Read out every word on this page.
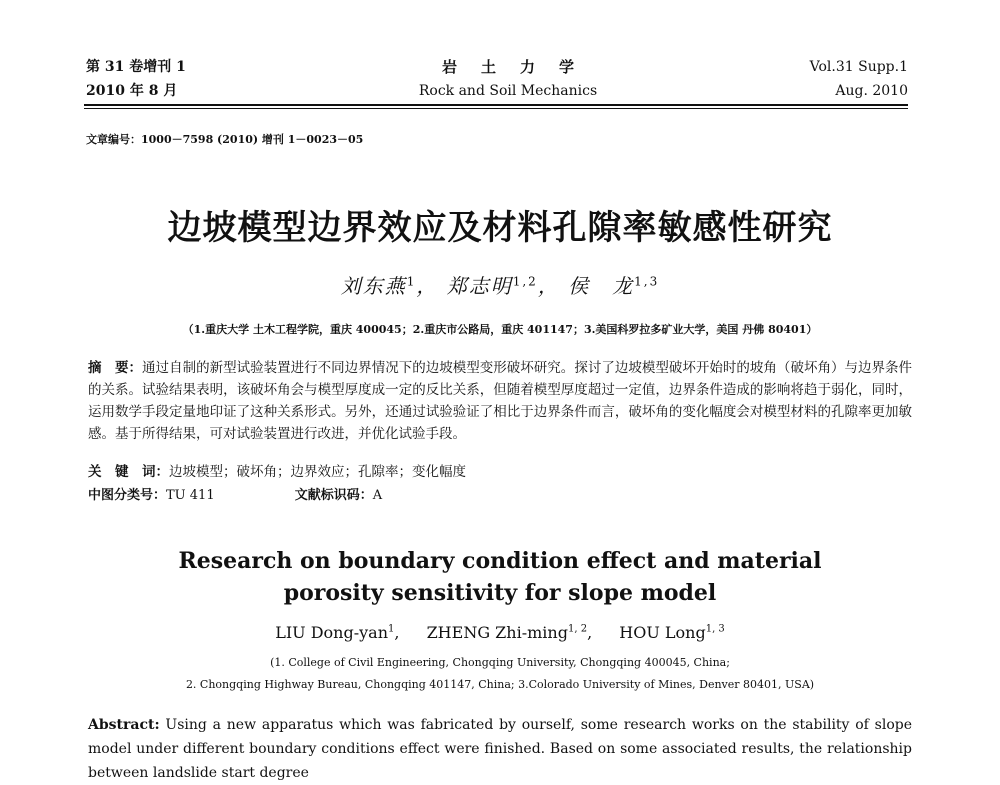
第 31 卷增刊 1
2010 年 8 月
岩土力学
Rock and Soil Mechanics
Vol.31 Supp.1
Aug. 2010
文章编号：1000－7598 (2010) 增刊 1－0023－05
边坡模型边界效应及材料孔隙率敏感性研究
刘东燕$^1$， 郑志明$^{1,2}$， 侯　龙$^{1,3}$
（1.重庆大学 土木工程学院，重庆 400045；2.重庆市公路局，重庆 401147；3.美国科罗拉多矿业大学，美国 丹佛 80401）
摘　要：通过自制的新型试验装置进行不同边界情况下的边坡模型变形破坏研究。探讨了边坡模型破坏开始时的坡角（破坏角）与边界条件的关系。试验结果表明，该破坏角会与模型厚度成一定的反比关系，但随着模型厚度超过一定值，边界条件造成的影响将趋于弱化，同时，运用数学手段定量地印证了这种关系形式。另外，还通过试验验证了相比于边界条件而言，破坏角的变化幅度会对模型材料的孔隙率更加敏感。基于所得结果，可对试验装置进行改进，并优化试验手段。
关　键　词：边坡模型；破坏角；边界效应；孔隙率；变化幅度
中图分类号：TU 411	文献标识码：A
Research on boundary condition effect and material
porosity sensitivity for slope model
LIU Dong-yan$^1$, ZHENG Zhi-ming$^{1, 2}$, HOU Long$^{1, 3}$
(1. College of Civil Engineering, Chongqing University, Chongqing 400045, China;
2. Chongqing Highway Bureau, Chongqing 401147, China; 3.Colorado University of Mines, Denver 80401, USA)
Abstract: Using a new apparatus which was fabricated by ourself, some research works on the stability of slope model under different boundary conditions effect were finished. Based on some associated results, the relationship between landslide start degree
